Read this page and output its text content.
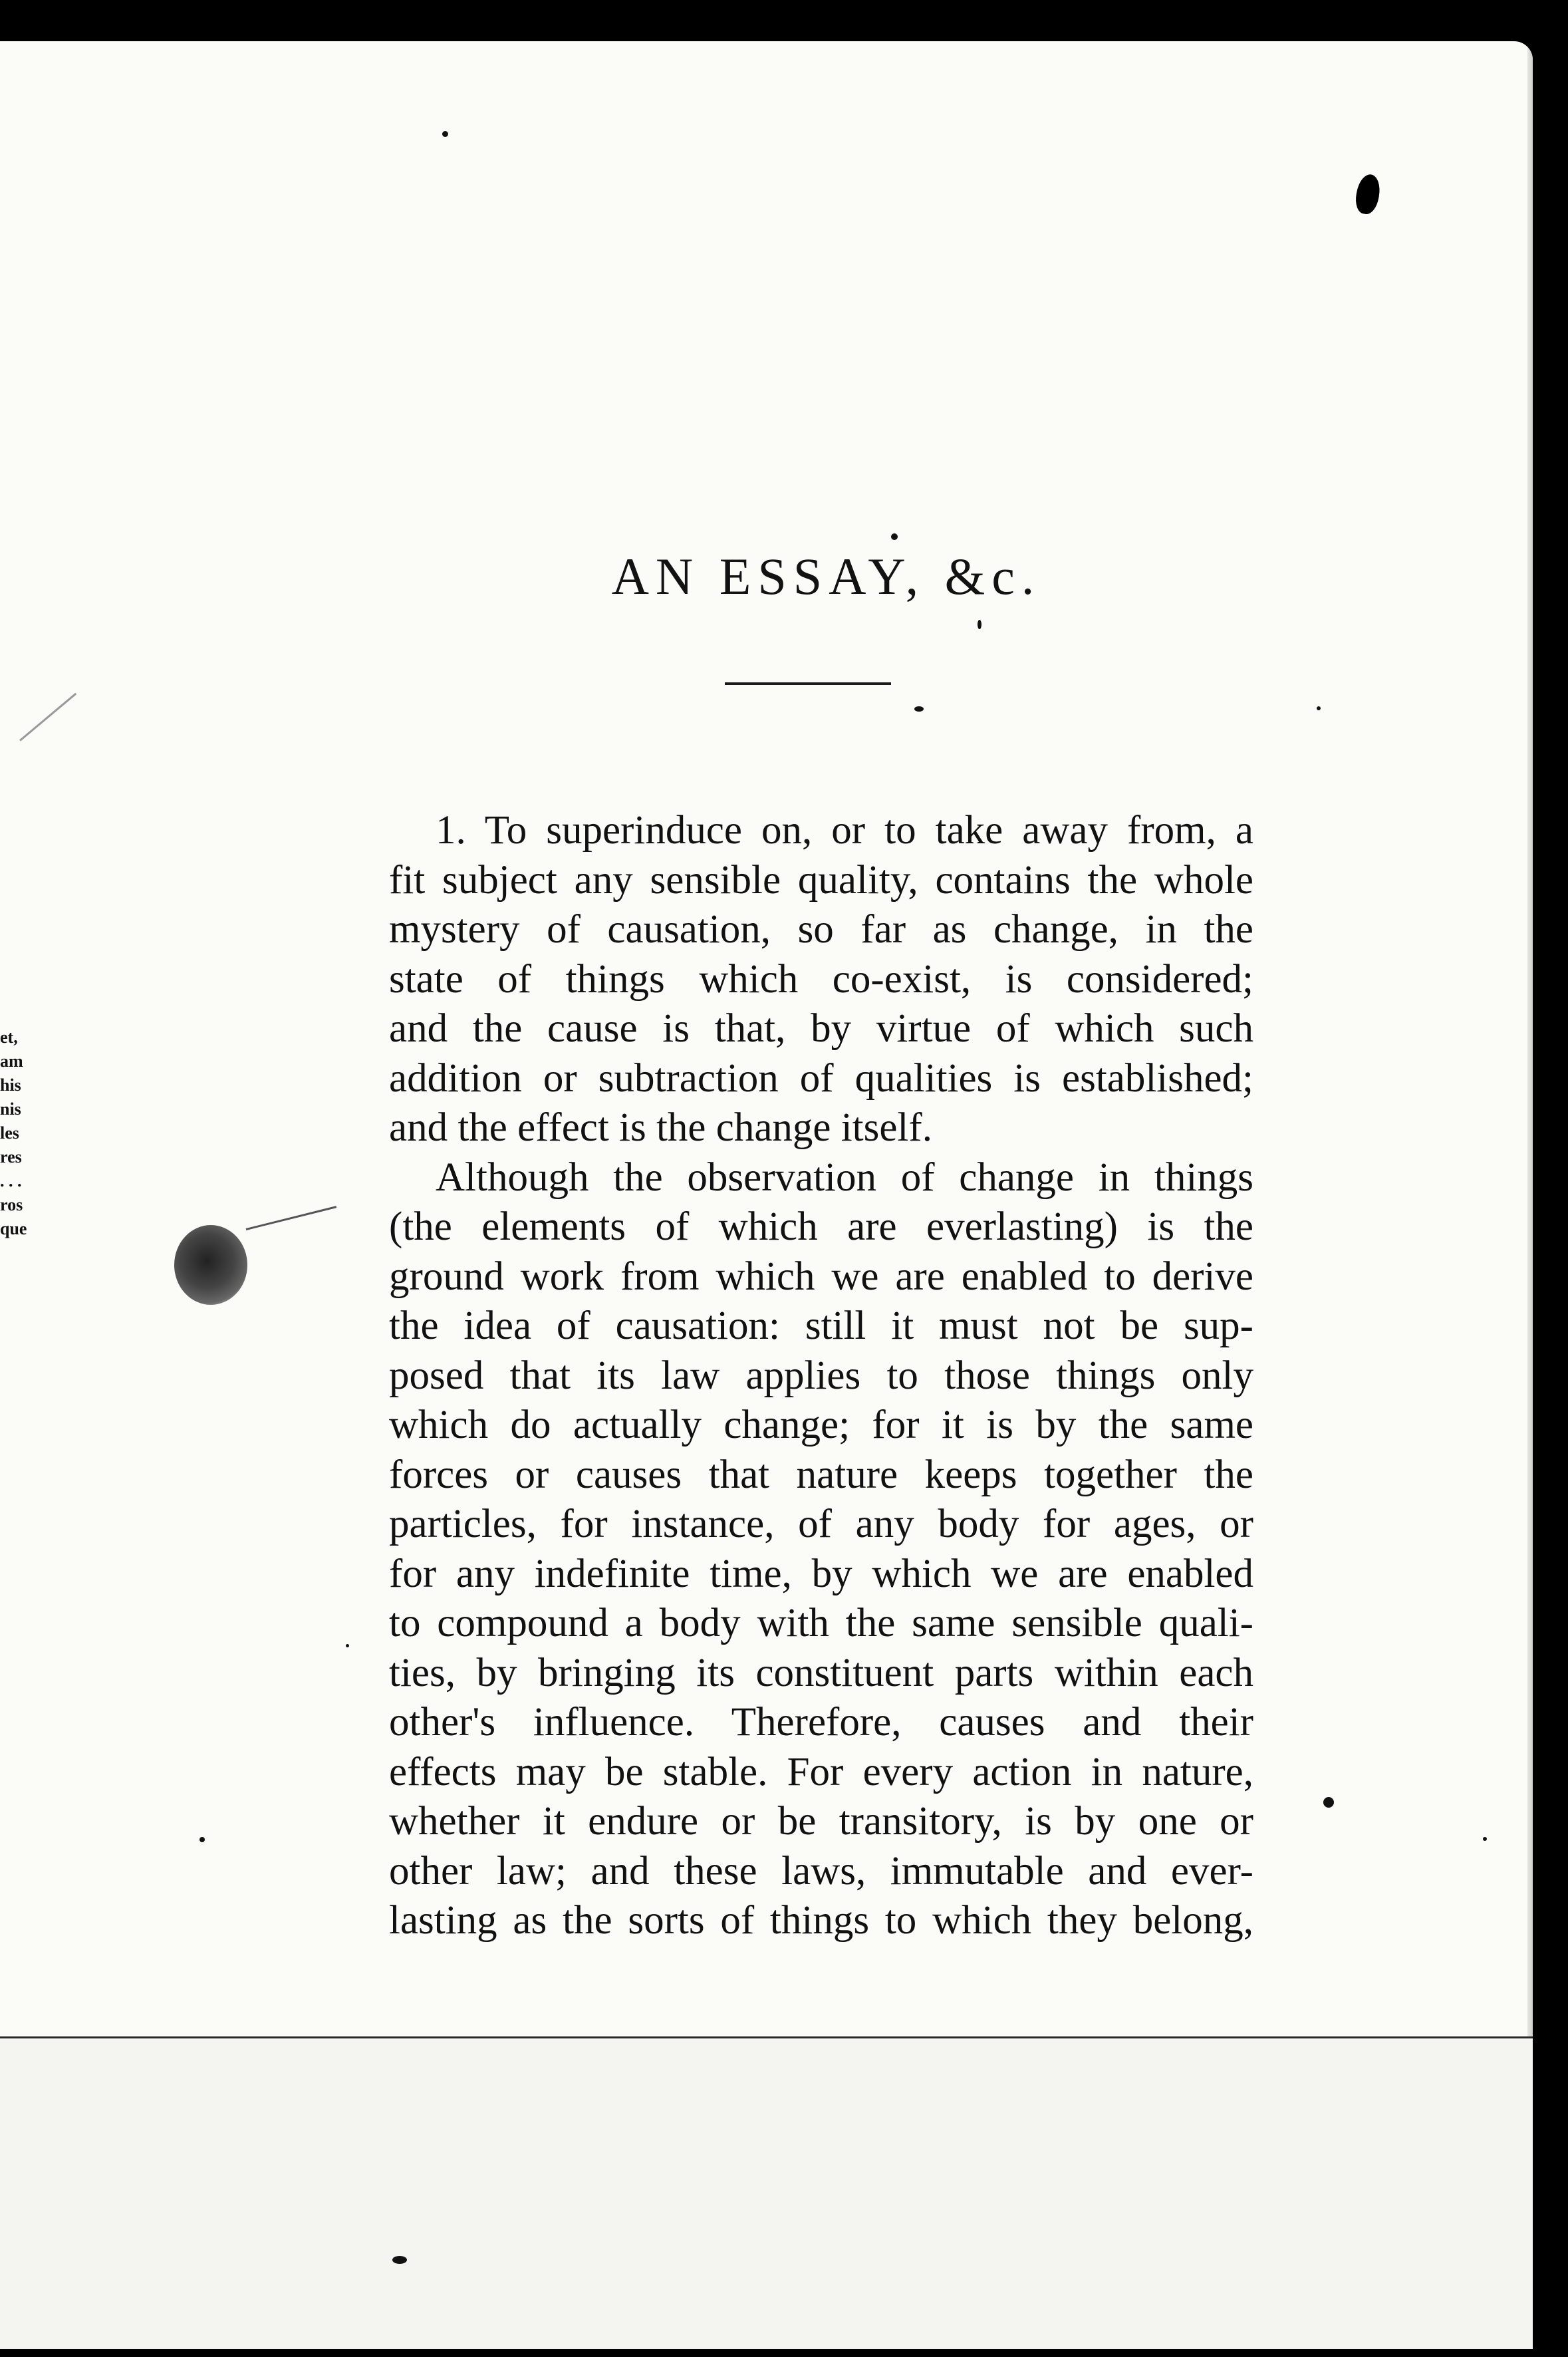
et,
am
his
nis
les
res
. . .
ros
que
AN ESSAY, &c.
1. To superinduce on, or to take away from, a
fit subject any sensible quality, contains the whole
mystery of causation, so far as change, in the
state of things which co-exist, is considered;
and the cause is that, by virtue of which such
addition or subtraction of qualities is established;
and the effect is the change itself.
Although the observation of change in things
(the elements of which are everlasting) is the
ground work from which we are enabled to derive
the idea of causation: still it must not be sup-
posed that its law applies to those things only
which do actually change; for it is by the same
forces or causes that nature keeps together the
particles, for instance, of any body for ages, or
for any indefinite time, by which we are enabled
to compound a body with the same sensible quali-
ties, by bringing its constituent parts within each
other's influence. Therefore, causes and their
effects may be stable. For every action in nature,
whether it endure or be transitory, is by one or
other law; and these laws, immutable and ever-
lasting as the sorts of things to which they belong,
